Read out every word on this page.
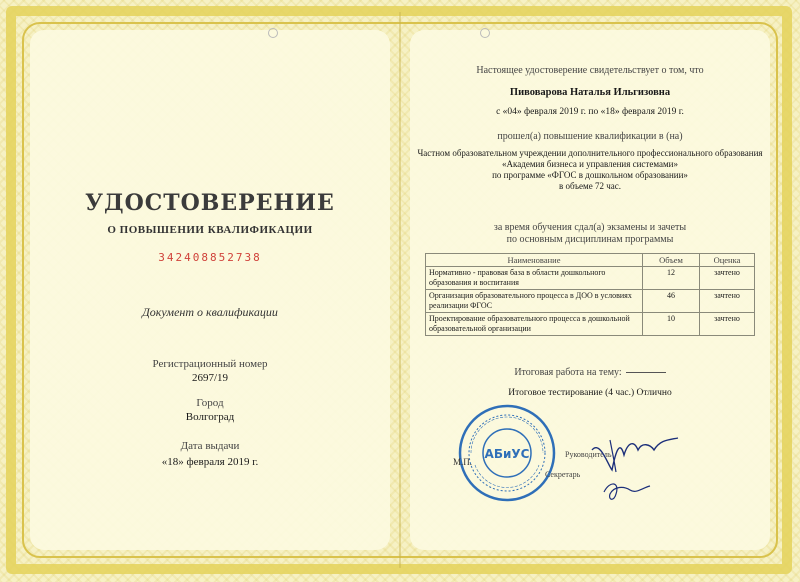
УДОСТОВЕРЕНИЕ
О ПОВЫШЕНИИ КВАЛИФИКАЦИИ
342408852738
Документ о квалификации
Регистрационный номер
2697/19
Город
Волгоград
Дата выдачи
«18» февраля 2019 г.
Настоящее удостоверение свидетельствует о том, что
Пивоварова Наталья Ильгизовна
с «04» февраля 2019 г. по «18» февраля 2019 г.
прошел(а) повышение квалификации в (на)
Частном образовательном учреждении дополнительного профессионального образования
«Академия бизнеса и управления системами»
по программе «ФГОС в дошкольном образовании»
в объеме 72 час.
за время обучения сдал(а) экзамены и зачеты
по основным дисциплинам программы
Наименование	Объем	Оценка
Нормативно - правовая база в области дошкольного образования и воспитания	12	зачтено
Организация образовательного процесса в ДОО в условиях реализации ФГОС	46	зачтено
Проектирование образовательного процесса в дошкольной образовательной организации	10	зачтено
Итоговая работа на тему:
Итоговое тестирование (4 час.) Отлично
АБиУС
М.П.
Руководитель
Секретарь
